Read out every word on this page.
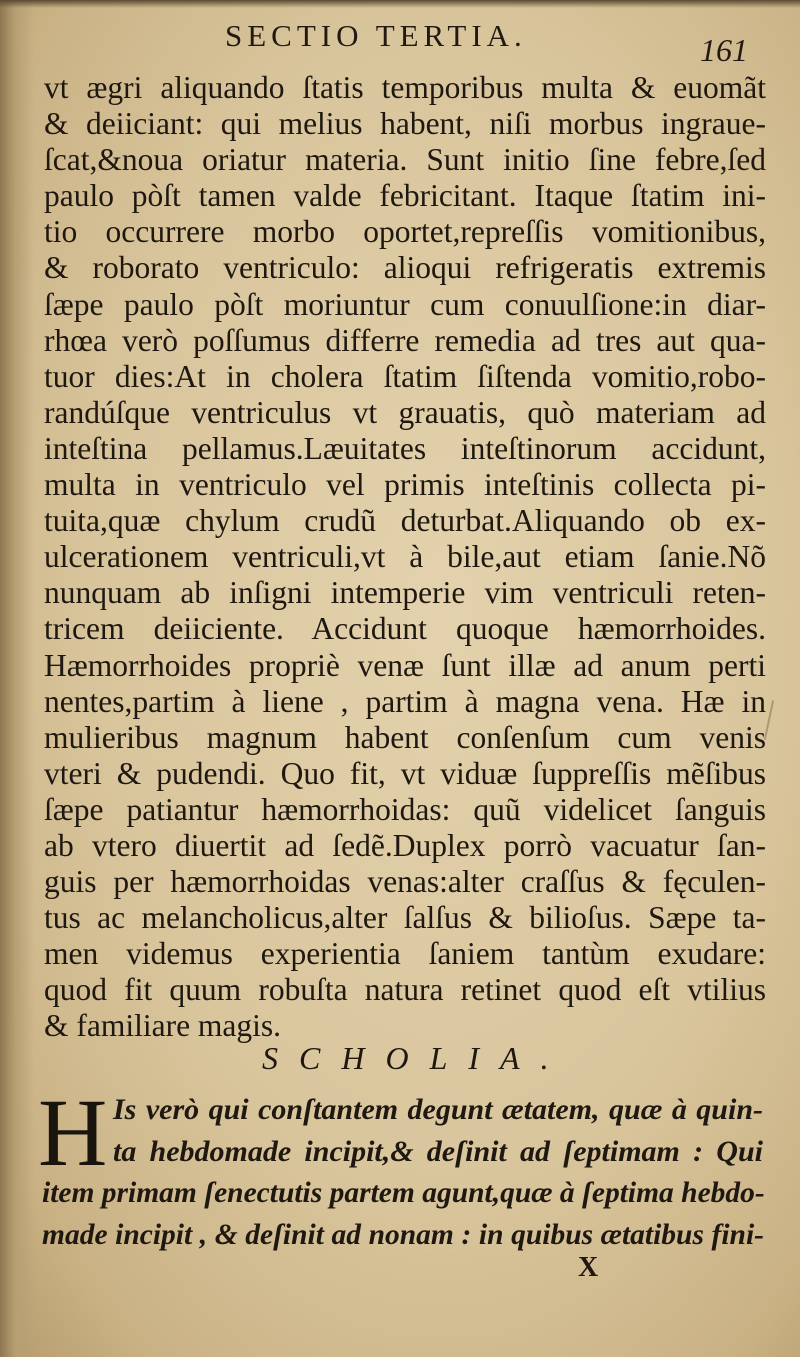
SECTIO TERTIA.	161
vt ægri aliquando ſtatis temporibus multa & euomãt
& deiiciant: qui melius habent, niſi morbus ingraue-
ſcat,&noua oriatur materia. Sunt initio ſine febre,ſed
paulo pòſt tamen valde febricitant. Itaque ſtatim ini-
tio occurrere morbo oportet,repreſſis vomitionibus,
& roborato ventriculo: alioqui refrigeratis extremis
ſæpe paulo pòſt moriuntur cum conuulſione:in diar-
rhœa verò poſſumus differre remedia ad tres aut qua-
tuor dies:At in cholera ſtatim ſiſtenda vomitio,robo-
randúſque ventriculus vt grauatis, quò materiam ad
inteſtina pellamus.Læuitates inteſtinorum accidunt,
multa in ventriculo vel primis inteſtinis collecta pi-
tuita,quæ chylum crudũ deturbat.Aliquando ob ex-
ulcerationem ventriculi,vt à bile,aut etiam ſanie.Nõ
nunquam ab inſigni intemperie vim ventriculi reten-
tricem deiiciente. Accidunt quoque hæmorrhoides.
Hæmorrhoides propriè venæ ſunt illæ ad anum perti
nentes,partim à liene , partim à magna vena. Hæ in
mulieribus magnum habent conſenſum cum venis
vteri & pudendi. Quo fit, vt viduæ ſuppreſſis mẽſibus
ſæpe patiantur hæmorrhoidas: quũ videlicet ſanguis
ab vtero diuertit ad ſedẽ.Duplex porrò vacuatur ſan-
guis per hæmorrhoidas venas:alter craſſus & fęculen-
tus ac melancholicus,alter ſalſus & bilioſus. Sæpe ta-
men videmus experientia ſaniem tantùm exudare:
quod fit quum robuſta natura retinet quod eſt vtilius
& familiare magis.
SCHOLIA.
H Is verò qui conſtantem degunt ætatem, quæ à quin-
ta hebdomade incipit,& deſinit ad ſeptimam : Qui
item primam ſenectutis partem agunt,quæ à ſeptima hebdo-
made incipit , & deſinit ad nonam : in quibus ætatibus fini-
X
